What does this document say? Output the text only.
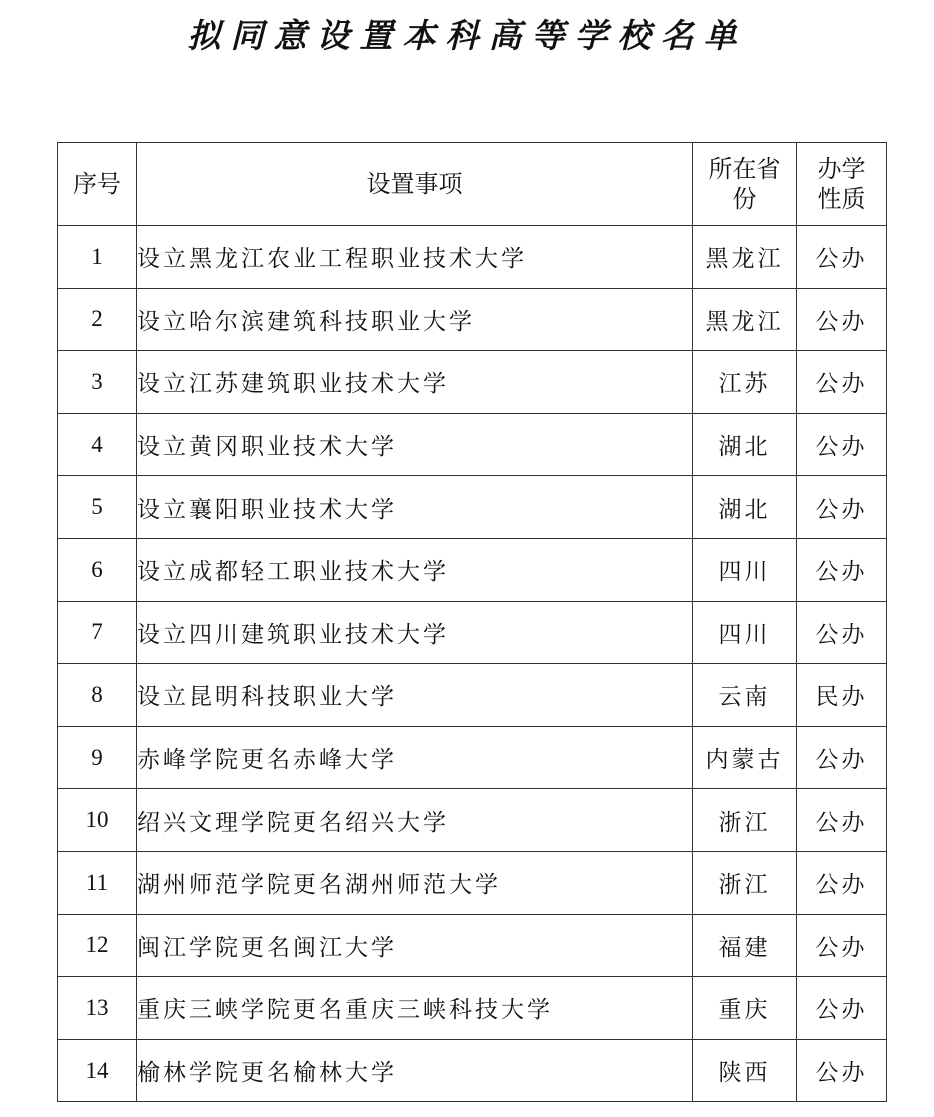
拟同意设置本科高等学校名单
序号	设置事项	所在省份	办学性质
1	设立黑龙江农业工程职业技术大学	黑龙江	公办
2	设立哈尔滨建筑科技职业大学	黑龙江	公办
3	设立江苏建筑职业技术大学	江苏	公办
4	设立黄冈职业技术大学	湖北	公办
5	设立襄阳职业技术大学	湖北	公办
6	设立成都轻工职业技术大学	四川	公办
7	设立四川建筑职业技术大学	四川	公办
8	设立昆明科技职业大学	云南	民办
9	赤峰学院更名赤峰大学	内蒙古	公办
10	绍兴文理学院更名绍兴大学	浙江	公办
11	湖州师范学院更名湖州师范大学	浙江	公办
12	闽江学院更名闽江大学	福建	公办
13	重庆三峡学院更名重庆三峡科技大学	重庆	公办
14	榆林学院更名榆林大学	陕西	公办
